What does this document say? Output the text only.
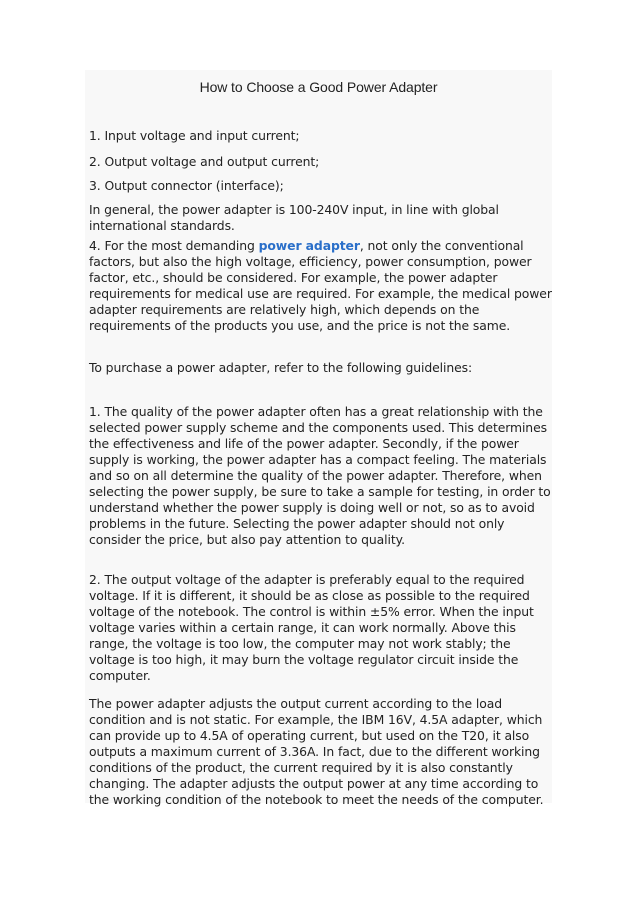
How to Choose a Good Power Adapter

1. Input voltage and input current;

2. Output voltage and output current;

3. Output connector (interface);

In general, the power adapter is 100-240V input, in line with global international standards.

4. For the most demanding power adapter, not only the conventional factors, but also the high voltage, efficiency, power consumption, power factor, etc., should be considered. For example, the power adapter requirements for medical use are required. For example, the medical power adapter requirements are relatively high, which depends on the requirements of the products you use, and the price is not the same.

To purchase a power adapter, refer to the following guidelines:

1. The quality of the power adapter often has a great relationship with the selected power supply scheme and the components used. This determines the effectiveness and life of the power adapter. Secondly, if the power supply is working, the power adapter has a compact feeling. The materials and so on all determine the quality of the power adapter. Therefore, when selecting the power supply, be sure to take a sample for testing, in order to understand whether the power supply is doing well or not, so as to avoid problems in the future. Selecting the power adapter should not only consider the price, but also pay attention to quality.

2. The output voltage of the adapter is preferably equal to the required voltage. If it is different, it should be as close as possible to the required voltage of the notebook. The control is within ±5% error. When the input voltage varies within a certain range, it can work normally. Above this range, the voltage is too low, the computer may not work stably; the voltage is too high, it may burn the voltage regulator circuit inside the computer.

The power adapter adjusts the output current according to the load condition and is not static. For example, the IBM 16V, 4.5A adapter, which can provide up to 4.5A of operating current, but used on the T20, it also outputs a maximum current of 3.36A. In fact, due to the different working conditions of the product, the current required by it is also constantly changing. The adapter adjusts the output power at any time according to the working condition of the notebook to meet the needs of the computer.
